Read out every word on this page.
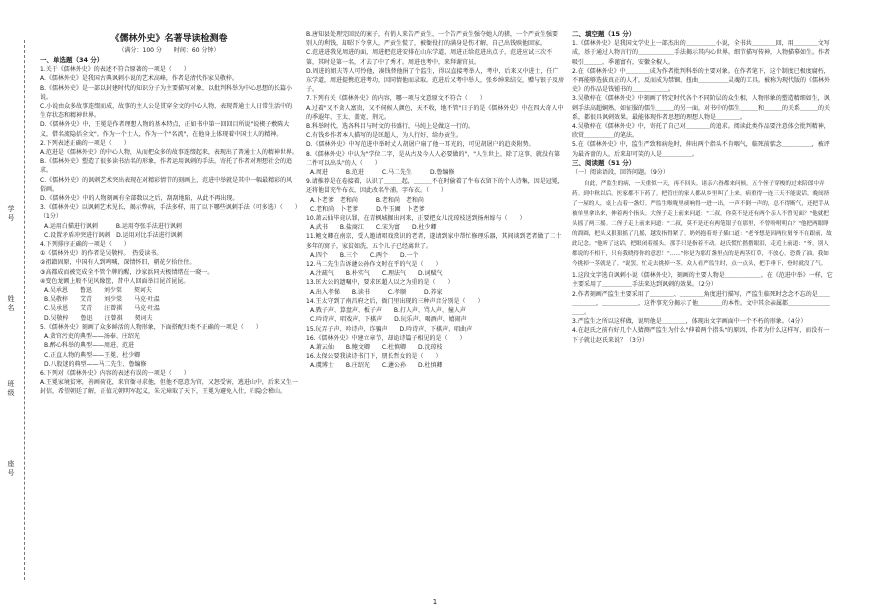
学号
姓名
班级
座号
《儒林外史》名著导读检测卷
（满分：100 分　　时间：60 分钟）

一、单选题（34 分）

1.关于《儒林外史》的表述不符合原著的一项是（　　）

A.《儒林外史》是我国古典讽刺小说的艺术高峰，作者是清代作家吴敬梓。

B.《儒林外史》是一部以封建时代的知识分子为主要描写对象，以批判科举为中心思想的长篇小说。

C.小说由众多故事连缀而成，故事的主人公是贯穿全文的中心人物，表现普通士人日常生活中的生存状态和精神世界。

D.《儒林外史》中，王冕是作者理想人物的基本特点，正如书中第一回回目所说"说楔子敷陈大义，借名流隐括全文"。作为一个士人，作为一个"名流"，在他身上体现着中国士人的精神。

2.下列表述正确的一项是（　　）

A.范进是《儒林外史》的中心人物，从而把众多的故事连缀起来，表现出了普通士人的精神世界。

B.《儒林外史》塑造了很多读书沽名的形象，作者运用讽刺的手法，寄托了作者对理想社会的追求。

C.《儒林外史》的讽刺艺术突出表现在对精彩情节的刻画上，范进中举就是其中一幅最精彩的风俗画。

D.《儒林外史》中的人物刻画有全部数以之后，刮刮地陷，从此不再出现。

3.《儒林外史》以讽刺艺术见长，揭示弊病，手法多样，用了以下哪些讽刺手法（可多选）（　　）（1分）

A.运用白描进行讽刺　　　B.运用夸张手法进行讽刺

C.设置矛盾冲突进行讽刺　D.运用对比手法进行讽刺

4.下列排序正确的一项是（　　）

①《儒林外史》的作者是吴敬梓。　热爱读书。

②祖籍固原，中国有人到鸣喊，深情怀旧，朝花夕拾住住。

③高都成而被完成全不管个牌的醒，沙家浜同天极情绪在一晓一。

④变色龙额上般不见风像筐，昔中人回面举目昆首昆昆。

A.吴承恩　　鲁迅　　刘少棠　　契诃夫

B.吴敬梓　　艾青　　刘少棠　　马克·吐温

C.吴承恩　　艾青　　汪曾祺　　马克·吐温

D.吴敬梓　　鲁迅　　汪曾祺　　契诃夫

5.《儒林外史》刻画了众多鲜活的人物形象，下面搭配归类不正确的一项是（　　）

A.贪官污吏的典型——汤奉、庄绍光

B.醉心科举的典型——周进、范进

C.正直人物的典型——王冕、杜少卿

D.八股迷的典型——马二先生、鲁编修

6.下列对《儒林外史》内容的表述有误的一项是（　　）

A.王冕家境贫寒，善画荷花，来官衙寻求他，但他不愿意为官，又怒受害，逃进山中，后来又生一封信，希望朝廷了解，正值元朝明军起义，朱元璋取了天下，王冕为避免入仕，归隐会稽山。

B.唐知县处理完回民的案子，有俏人来告严贡生，一个告严贡生强夺她人的猪，一个严贡生强要别人的利钱，却昭下令拿人，严贡生慌了，被衙役打的满身是伤才解，自己出钱赎他回家。

C.范进进我见周进的面，周进把范进安排在山东学道，周进正给范进出点子，范进应试三次不第，其时是第一名，才去了中了秀才。周进也考中，来拜谢官员。

D.周进的姐夫等人可怜他，凑钱替他捐了个监生，得以直接考举人，考中，后来又中进士，任广东学道，周进提携范进考功，因同情他而录取。范进后又考中举人，张乡绅来结交，赠与银子及房子。

7.下列有关《儒林外史》的内容，哪一项与文意原文不符合（　　）

A.过着"又不贪人富贵，又不伺候人颜色，天不收，地不管"日子的是《儒林外史》中在四大奇人中的季遐年、王太、盖宽、荆元。

B.科举时代，选各科目与时文的书盛行，马纯上是做这一行的。

C.有钱乡作者本人描写的是匡超人，为人行好，给办贡生。

D.《儒林外史》中写范进中举时丈人胡屠户扇了他一耳光的，可见胡屠户的趋炎附势。

8.《儒林外史》中认为"学位二字，是从古及今人人必要做的"，"人生世上，除了这事，就没有第二件可以出头"的人（　　）

A.周进　　　B.范进　　　C.马二先生　　　D.鲁编修

9.请推荐是在卷接着，认识了＿＿＿起，＿＿＿不在时偷着了牛布衣留下的个人诗集，因是冠冕，还将他冒充牛布衣，因此改名牛浦，字布衣。（　　）

A.卜老爹　老和尚　　　B.老和尚　老和尚

C.老和尚　卜老爹　　　D.牛玉圃　卜老爹

10.萧云仙毕竟认罪，在青枫城掘出河来，正要把女儿沈琼枝送到扬州嫁与（　　）

A.武书　　B.盐商江　　C.宋为富　　D.杜少卿

11.鲍文卿在南京，受人邀请唱戏赏识的老者，遂请到家中帮忙修理乐器，其间谈到老者做了二十多年的窝子，家贫如洗，五个儿子已经离世了。

A.四个　　B.三个　　C.两个　　D.一个

12.马二先生告诉蘧公孙作文时在乎的气是（　　）

A.注疏气　　B.朴实气　　C.理法气　　D.词赋气

13.匡大公的遗嘱中，要求匡超人以之为重的是（　　）

A.出入孝悌　　B.读书　　　C.孝顺　　　D.养家

14.王太守到了南昌府之后，衙门里出现的三种声音分别是（　　）

A.戥子声、算盘声、板子声　　B.打人声、骂人声、撞人声

C.吟诗声、唱戏声、下棋声　　D.玩乐声、喝酒声、嬉闹声

15.玩弄子声、吟诗声、诈骗声　　D.吟诗声、下棋声、唱曲声

16.《儒林外史》中建立章节，却诡诗篇子相见的是（　　）

A.萧云仙　　B.鲍文卿　　C.杜慎卿　　D.沈琼枝

16.太保公要我读诗书门下，朋长哲女的是（　　）

A.虞博士　　B.庄绍光　　C.蘧公孙　　D.杜慎卿

二、填空题（15 分）

1.《儒林外史》是我国文学史上一部杰出的＿＿＿＿＿小说，全书共＿＿＿＿回，用＿＿＿＿文写成，基于通过人物言行的＿＿＿＿＿＿手法揭示其内心世界。细节描写传神，人物描摹如生。作者吸引＿＿＿，季谨富有，安徽全椒人。

2.在《儒林外史》中＿＿＿＿成为作者批判科举的主要对象。在作者笔下，这个制度已极度腐朽，不再能够选拔真正的人才，反而成为禁锢、扭曲＿＿＿＿＿灵魂的工具。被称为现代版的《儒林外史》的作品是钱锺书的＿＿＿＿＿＿。

3.吴敬梓在《儒林外史》中刻画了特定时代各个不同阶层的众生相，人物形象的塑造精细如生，讽刺手法高超娴熟，如征服的儒生＿＿＿的另一面，对书中的儒生＿＿＿和＿＿＿的关系＿＿＿的关系，都很具讽刺效果。最能体现作者思想的理想人物是＿＿＿＿。

4.吴敬梓在《儒林外史》中，寄托了自己对＿＿＿＿的追求。阅读此类作品要注意体会批判精神，欣赏＿＿＿＿＿的笔法。

5.在《儒林外史》中，监生严致和病危时，伸出两个指头不肯咽气，临死前惦念＿＿＿＿＿，被评为最吝啬的人，后来却可笑的人是＿＿＿＿＿。

三、阅读题（51 分）

（一）阅读语段，回答问题。（9分）

自此，严监生的病，一天重似一天，再不回头。诸亲六眷都来问候。五个侄子穿梭的过来陪郎中弄药。到中秋以后，医家都不下药了。把管庄的家人都从乡里叫了上来。病重得一连三天不能说话。晚间挤了一屋的人，桌上点着一盏灯。严监生喉咙里痰响得一进一出，一声不倒一声的，总不得断气，还把手从被单里拿出来，伸着两个指头。大侄子走上前来问道："二叔，你莫不是还有两个亲人不曾见面？"他就把头摇了两三摇。二侄子走上前来问道："二叔，莫不是还有两笔银子在那里，不曾吩咐明白？"他把两眼睁的溜圆，把头又狠狠摇了几摇，越发指得紧了。奶妈抱着哥子插口道："老爷想是因两位舅爷不在跟前，故此记念。"他听了这话，把眼闭着摇头，那手只是指着不动。赵氏慌忙揩揩眼泪，走近上前道："爷，别人都说的不相干，只有我晓得你的意思！"……"你是为那灯盏里点的是两茎灯草，不放心，恐费了油。我如今挑掉一茎就是了。"说罢，忙走去挑掉一茎。众人看严监生时，点一点头，把手垂下，登时就没了气。

1.这段文字选自讽刺小说《儒林外史》，刻画的主要人物是＿＿＿＿＿＿。在《范进中举》一样，它主要采用了＿＿＿＿＿手法来达到讽刺的效果。（2分）

2.作者刻画严监生主要采用了＿＿＿＿、＿＿＿＿角度进行描写，严监生临死时念念不忘的是＿＿＿＿＿＿，＿＿＿＿＿＿，这件事充分揭示了他＿＿＿＿的本性。文中其余亲属都＿＿＿＿＿＿＿＿＿。

3.严监生之所以这样做，说明他是＿＿＿＿，体现出文字画面中一个不朽的形象。（4分）

4.在赵氏之前有好几个人猜测严监生为什么"伸着两个指头"的原因，作者为什么这样写，而没有一下子就让赵氏来说？（3分）

1
